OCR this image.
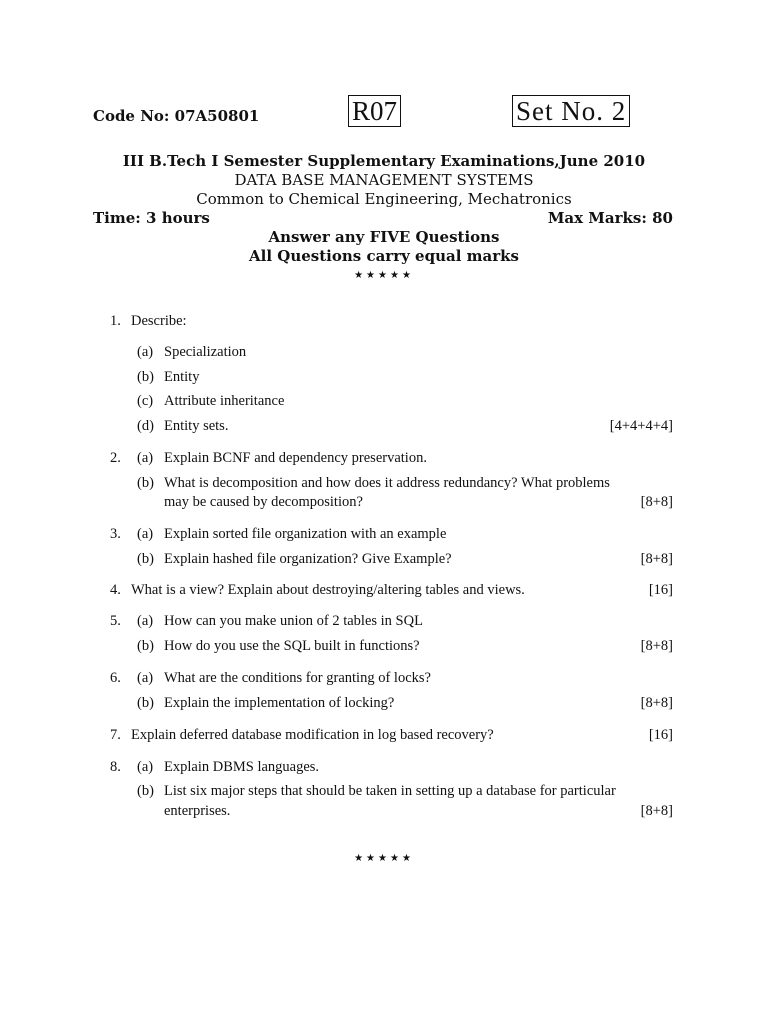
Code No: 07A50801	R07	Set No. 2
III B.Tech I Semester Supplementary Examinations,June 2010
DATA BASE MANAGEMENT SYSTEMS
Common to Chemical Engineering, Mechatronics
Time: 3 hours	Max Marks: 80
Answer any FIVE Questions
All Questions carry equal marks
★★★★★
1. Describe:
(a) Specialization
(b) Entity
(c) Attribute inheritance
(d) Entity sets.	[4+4+4+4]
2. (a) Explain BCNF and dependency preservation.
(b) What is decomposition and how does it address redundancy? What problems
may be caused by decomposition?	[8+8]
3. (a) Explain sorted file organization with an example
(b) Explain hashed file organization? Give Example?	[8+8]
4. What is a view? Explain about destroying/altering tables and views.	[16]
5. (a) How can you make union of 2 tables in SQL
(b) How do you use the SQL built in functions?	[8+8]
6. (a) What are the conditions for granting of locks?
(b) Explain the implementation of locking?	[8+8]
7. Explain deferred database modification in log based recovery?	[16]
8. (a) Explain DBMS languages.
(b) List six major steps that should be taken in setting up a database for particular
enterprises.	[8+8]
★★★★★
